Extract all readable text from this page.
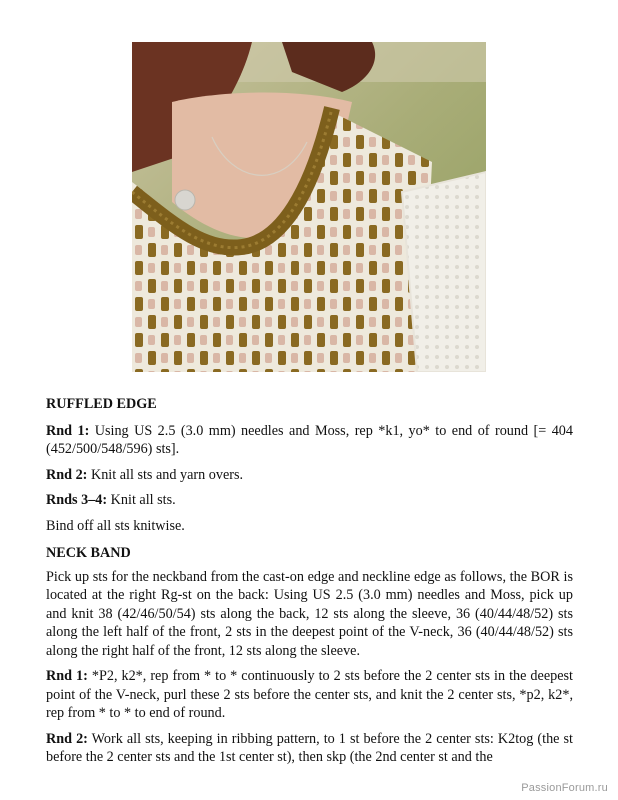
RUFFLED EDGE
Rnd 1: Using US 2.5 (3.0 mm) needles and Moss, rep *k1, yo* to end of round [= 404 (452/500/548/596) sts].
Rnd 2: Knit all sts and yarn overs.
Rnds 3–4: Knit all sts.
Bind off all sts knitwise.
NECK BAND
Pick up sts for the neckband from the cast-on edge and neckline edge as follows, the BOR is located at the right Rg-st on the back: Using US 2.5 (3.0 mm) needles and Moss, pick up and knit 38 (42/46/50/54) sts along the back, 12 sts along the sleeve, 36 (40/44/48/52) sts along the left half of the front, 2 sts in the deepest point of the V-neck, 36 (40/44/48/52) sts along the right half of the front, 12 sts along the sleeve.
Rnd 1: *P2, k2*, rep from * to * continuously to 2 sts before the 2 center sts in the deepest point of the V-neck, purl these 2 sts before the center sts, and knit the 2 center sts, *p2, k2*, rep from * to * to end of round.
Rnd 2: Work all sts, keeping in ribbing pattern, to 1 st before the 2 center sts: K2tog (the st before the 2 center sts and the 1st center st), then skp (the 2nd center st and the
PassionForum.ru
